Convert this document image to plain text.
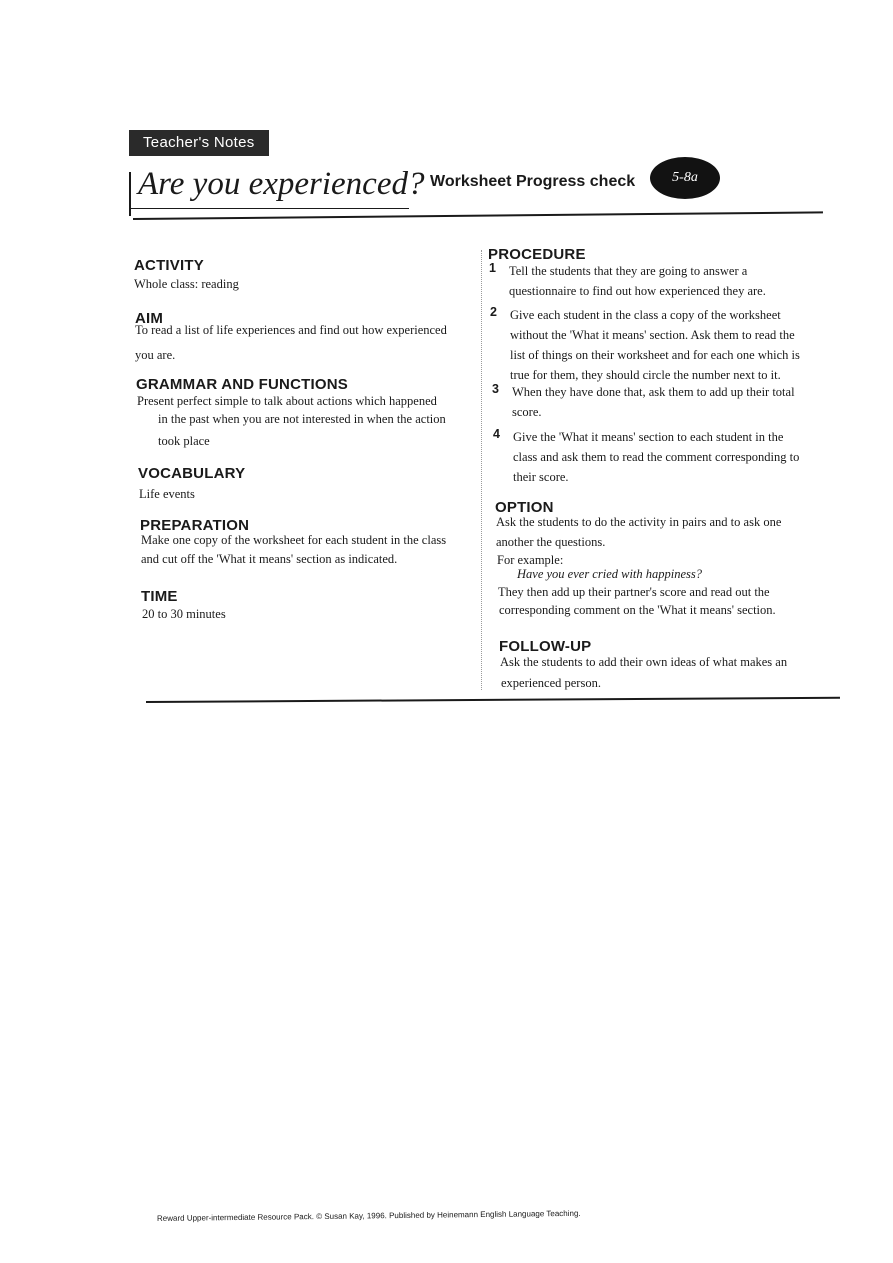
Teacher's Notes
Are you experienced? Worksheet Progress check	5-8a
ACTIVITY
Whole class: reading
AIM
To read a list of life experiences and find out how experienced
you are.
GRAMMAR AND FUNCTIONS
Present perfect simple to talk about actions which happened
in the past when you are not interested in when the action
took place
VOCABULARY
Life events
PREPARATION
Make one copy of the worksheet for each student in the class
and cut off the 'What it means' section as indicated.
TIME
20 to 30 minutes
PROCEDURE
1	Tell the students that they are going to answer a
questionnaire to find out how experienced they are.
2	Give each student in the class a copy of the worksheet
without the 'What it means' section. Ask them to read the
list of things on their worksheet and for each one which is
true for them, they should circle the number next to it.
3	When they have done that, ask them to add up their total
score.
4	Give the 'What it means' section to each student in the
class and ask them to read the comment corresponding to
their score.
OPTION
Ask the students to do the activity in pairs and to ask one
another the questions.
For example:
Have you ever cried with happiness?
They then add up their partner's score and read out the
corresponding comment on the 'What it means' section.
FOLLOW-UP
Ask the students to add their own ideas of what makes an
experienced person.
Reward Upper-intermediate Resource Pack. © Susan Kay, 1996. Published by Heinemann English Language Teaching.
